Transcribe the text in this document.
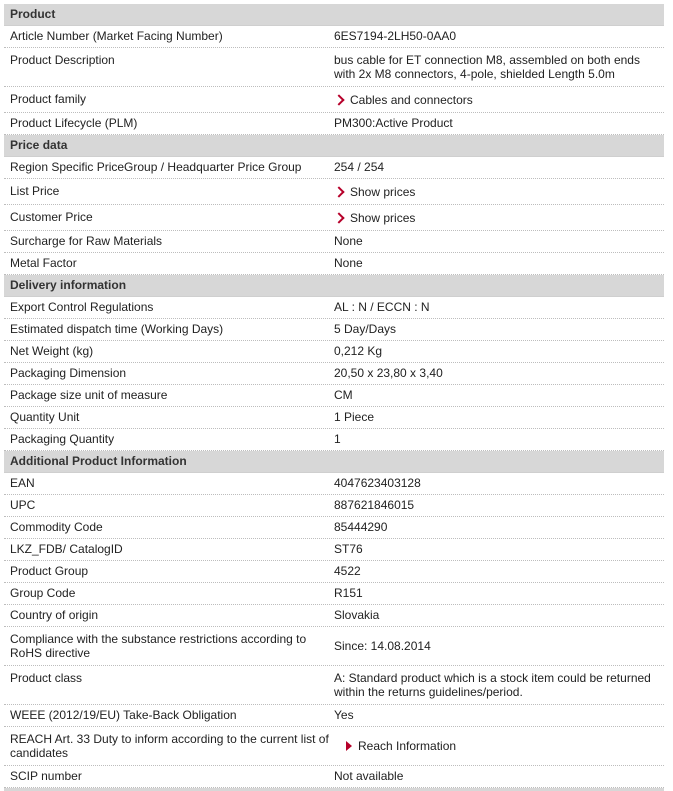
Product
Article Number (Market Facing Number)	6ES7194-2LH50-0AA0
Product Description	bus cable for ET connection M8, assembled on both ends with 2x M8 connectors, 4-pole, shielded Length 5.0m
Product family	Cables and connectors
Product Lifecycle (PLM)	PM300:Active Product
Price data
Region Specific PriceGroup / Headquarter Price Group	254 / 254
List Price	Show prices
Customer Price	Show prices
Surcharge for Raw Materials	None
Metal Factor	None
Delivery information
Export Control Regulations	AL : N / ECCN : N
Estimated dispatch time (Working Days)	5 Day/Days
Net Weight (kg)	0,212 Kg
Packaging Dimension	20,50 x 23,80 x 3,40
Package size unit of measure	CM
Quantity Unit	1 Piece
Packaging Quantity	1
Additional Product Information
EAN	4047623403128
UPC	887621846015
Commodity Code	85444290
LKZ_FDB/ CatalogID	ST76
Product Group	4522
Group Code	R151
Country of origin	Slovakia
Compliance with the substance restrictions according to RoHS directive	Since: 14.08.2014
Product class	A: Standard product which is a stock item could be returned within the returns guidelines/period.
WEEE (2012/19/EU) Take-Back Obligation	Yes
REACH Art. 33 Duty to inform according to the current list of candidates	Reach Information
SCIP number	Not available
